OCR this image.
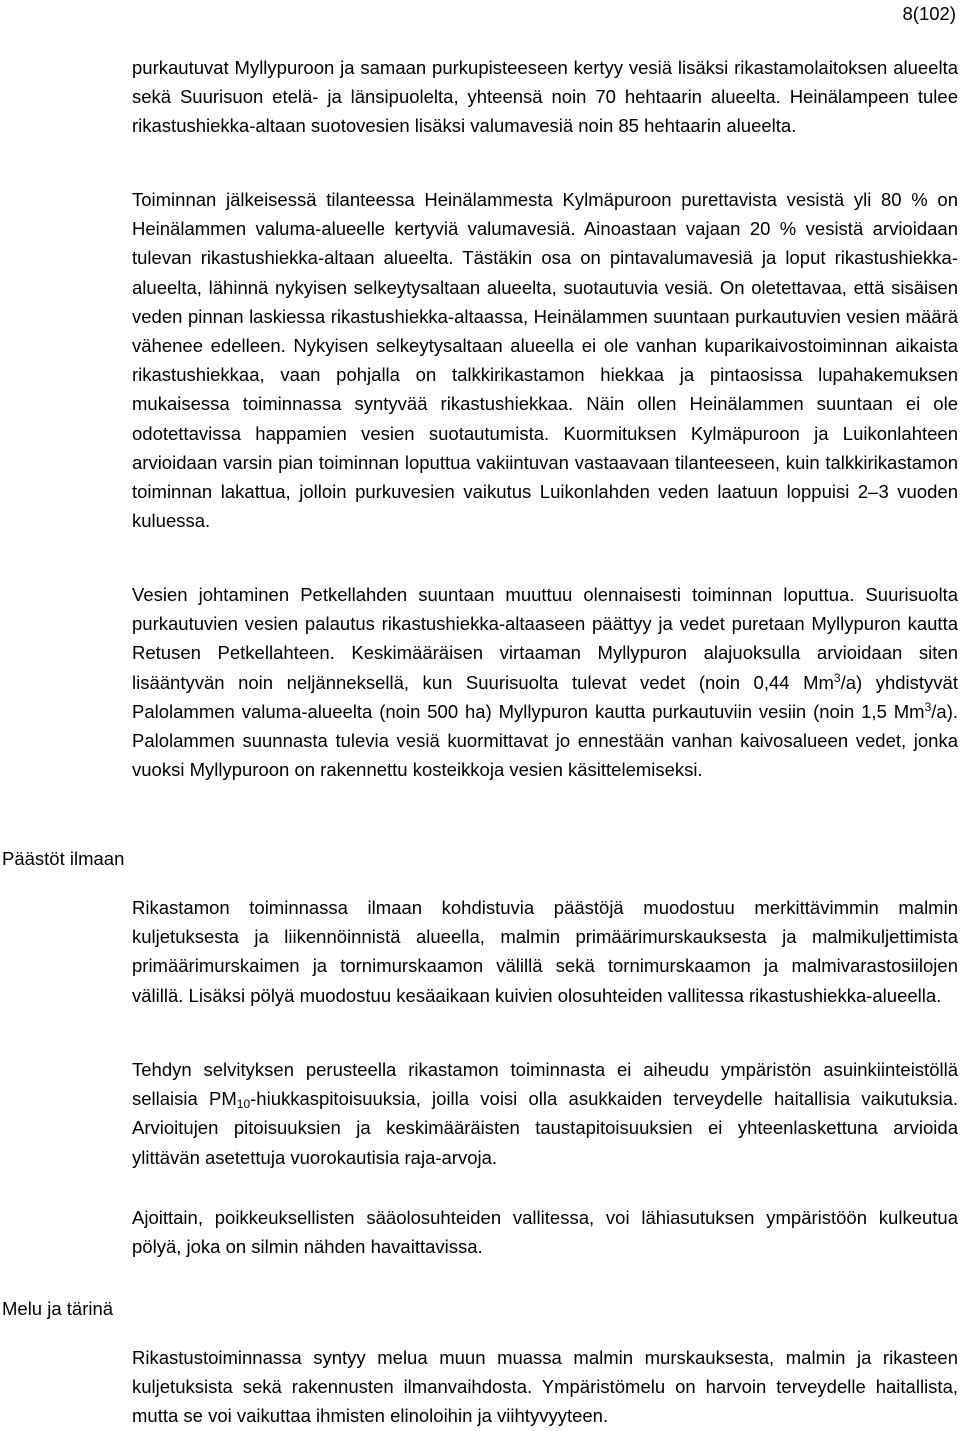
8(102)
Päästöt ilmaan
Melu ja tärinä

purkautuvat Myllypuroon ja samaan purkupisteeseen kertyy vesiä lisäksi rikastamolaitoksen alueelta sekä Suurisuon etelä- ja länsipuolelta, yhteensä noin 70 hehtaarin alueelta. Heinälampeen tulee rikastushiekka-altaan suotovesien lisäksi valumavesiä noin 85 hehtaarin alueelta.

Toiminnan jälkeisessä tilanteessa Heinälammesta Kylmäpuroon purettavista vesistä yli 80 % on Heinälammen valuma-alueelle kertyviä valumavesiä. Ainoastaan vajaan 20 % vesistä arvioidaan tulevan rikastushiekka-altaan alueelta. Tästäkin osa on pintavalumavesiä ja loput rikastushiekka-alueelta, lähinnä nykyisen selkeytysaltaan alueelta, suotautuvia vesiä. On oletettavaa, että sisäisen veden pinnan laskiessa rikastushiekka-altaassa, Heinälammen suuntaan purkautuvien vesien määrä vähenee edelleen. Nykyisen selkeytysaltaan alueella ei ole vanhan kuparikaivostoiminnan aikaista rikastushiekkaa, vaan pohjalla on talkkirikastamon hiekkaa ja pintaosissa lupahakemuksen mukaisessa toiminnassa syntyvää rikastushiekkaa. Näin ollen Heinälammen suuntaan ei ole odotettavissa happamien vesien suotautumista. Kuormituksen Kylmäpuroon ja Luikonlahteen arvioidaan varsin pian toiminnan loputtua vakiintuvan vastaavaan tilanteeseen, kuin talkkirikastamon toiminnan lakattua, jolloin purkuvesien vaikutus Luikonlahden veden laatuun loppuisi 2–3 vuoden kuluessa.

Vesien johtaminen Petkellahden suuntaan muuttuu olennaisesti toiminnan loputtua. Suurisuolta purkautuvien vesien palautus rikastushiekka-altaaseen päättyy ja vedet puretaan Myllypuron kautta Retusen Petkellahteen. Keskimääräisen virtaaman Myllypuron alajuoksulla arvioidaan siten lisääntyvän noin neljänneksellä, kun Suurisuolta tulevat vedet (noin 0,44 Mm$^3$/a) yhdistyvät Palolammen valuma-alueelta (noin 500 ha) Myllypuron kautta purkautuviin vesiin (noin 1,5 Mm$^3$/a). Palolammen suunnasta tulevia vesiä kuormittavat jo ennestään vanhan kaivosalueen vedet, jonka vuoksi Myllypuroon on rakennettu kosteikkoja vesien käsittelemiseksi.

Rikastamon toiminnassa ilmaan kohdistuvia päästöjä muodostuu merkittävimmin malmin kuljetuksesta ja liikennöinnistä alueella, malmin primäärimurskauksesta ja malmikuljettimista primäärimurskaimen ja tornimurskaamon välillä sekä tornimurskaamon ja malmivarastosiilojen välillä. Lisäksi pölyä muodostuu kesäaikaan kuivien olosuhteiden vallitessa rikastushiekka-alueella.

Tehdyn selvityksen perusteella rikastamon toiminnasta ei aiheudu ympäristön asuinkiinteistöllä sellaisia $PM_{10}$-hiukkaspitoisuuksia, joilla voisi olla asukkaiden terveydelle haitallisia vaikutuksia. Arvioitujen pitoisuuksien ja keskimääräisten taustapitoisuuksien ei yhteenlaskettuna arvioida ylittävän asetettuja vuorokautisia raja-arvoja.

Ajoittain, poikkeuksellisten sääolosuhteiden vallitessa, voi lähiasutuksen ympäristöön kulkeutua pölyä, joka on silmin nähden havaittavissa.

Rikastustoiminnassa syntyy melua muun muassa malmin murskauksesta, malmin ja rikasteen kuljetuksista sekä rakennusten ilmanvaihdosta. Ympäristömelu on harvoin terveydelle haitallista, mutta se voi vaikuttaa ihmisten elinoloihin ja viihtyvyyteen.
